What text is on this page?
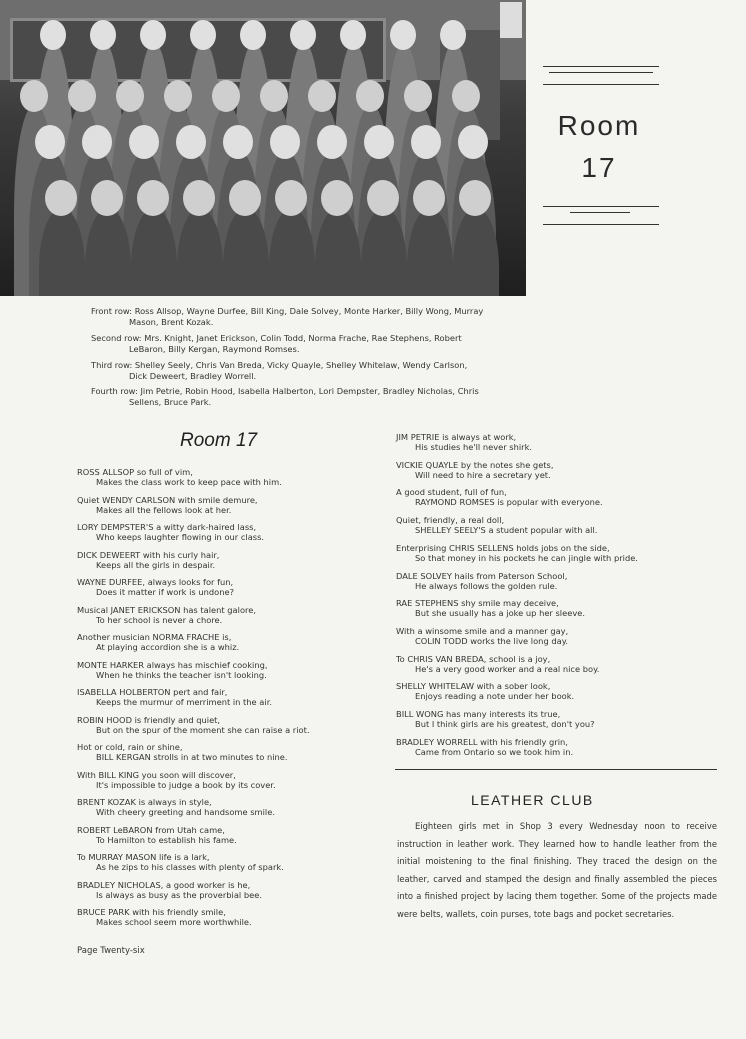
Room
17
Front row: Ross Allsop, Wayne Durfee, Bill King, Dale Solvey, Monte Harker, Billy Wong, Murray
Mason, Brent Kozak.
Second row: Mrs. Knight, Janet Erickson, Colin Todd, Norma Frache, Rae Stephens, Robert
LeBaron, Billy Kergan, Raymond Romses.
Third row: Shelley Seely, Chris Van Breda, Vicky Quayle, Shelley Whitelaw, Wendy Carlson,
Dick Deweert, Bradley Worrell.
Fourth row: Jim Petrie, Robin Hood, Isabella Halberton, Lori Dempster, Bradley Nicholas, Chris
Sellens, Bruce Park.
Room 17
ROSS ALLSOP so full of vim,
Makes the class work to keep pace with him.
Quiet WENDY CARLSON with smile demure,
Makes all the fellows look at her.
LORY DEMPSTER'S a witty dark-haired lass,
Who keeps laughter flowing in our class.
DICK DEWEERT with his curly hair,
Keeps all the girls in despair.
WAYNE DURFEE, always looks for fun,
Does it matter if work is undone?
Musical JANET ERICKSON has talent galore,
To her school is never a chore.
Another musician NORMA FRACHE is,
At playing accordion she is a whiz.
MONTE HARKER always has mischief cooking,
When he thinks the teacher isn't looking.
ISABELLA HOLBERTON pert and fair,
Keeps the murmur of merriment in the air.
ROBIN HOOD is friendly and quiet,
But on the spur of the moment she can raise a riot.
Hot or cold, rain or shine,
BILL KERGAN strolls in at two minutes to nine.
With BILL KING you soon will discover,
It's impossible to judge a book by its cover.
BRENT KOZAK is always in style,
With cheery greeting and handsome smile.
ROBERT LeBARON from Utah came,
To Hamilton to establish his fame.
To MURRAY MASON life is a lark,
As he zips to his classes with plenty of spark.
BRADLEY NICHOLAS, a good worker is he,
Is always as busy as the proverbial bee.
BRUCE PARK with his friendly smile,
Makes school seem more worthwhile.
JIM PETRIE is always at work,
His studies he'll never shirk.
VICKIE QUAYLE by the notes she gets,
Will need to hire a secretary yet.
A good student, full of fun,
RAYMOND ROMSES is popular with everyone.
Quiet, friendly, a real doll,
SHELLEY SEELY'S a student popular with all.
Enterprising CHRIS SELLENS holds jobs on the side,
So that money in his pockets he can jingle with pride.
DALE SOLVEY hails from Paterson School,
He always follows the golden rule.
RAE STEPHENS shy smile may deceive,
But she usually has a joke up her sleeve.
With a winsome smile and a manner gay,
COLIN TODD works the live long day.
To CHRIS VAN BREDA, school is a joy,
He's a very good worker and a real nice boy.
SHELLY WHITELAW with a sober look,
Enjoys reading a note under her book.
BILL WONG has many interests its true,
But I think girls are his greatest, don't you?
BRADLEY WORRELL with his friendly grin,
Came from Ontario so we took him in.
LEATHER CLUB
Eighteen girls met in Shop 3 every Wednesday noon to receive instruction in leather work. They learned how to handle leather from the initial moistening to the final finishing. They traced the design on the leather, carved and stamped the design and finally assembled the pieces into a finished project by lacing them together. Some of the projects made were belts, wallets, coin purses, tote bags and pocket secretaries.
Page Twenty-six
